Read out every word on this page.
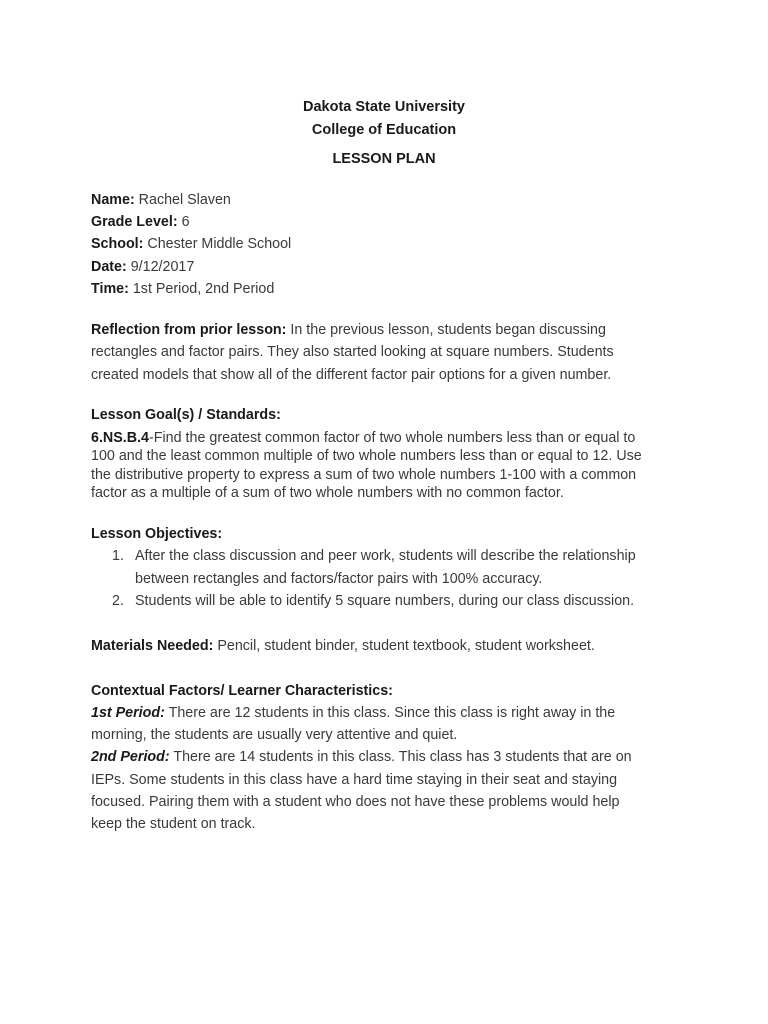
Dakota State University
College of Education
LESSON PLAN
Name: Rachel Slaven
Grade Level: 6
School: Chester Middle School
Date: 9/12/2017
Time: 1st Period, 2nd Period
Reflection from prior lesson: In the previous lesson, students began discussing
rectangles and factor pairs. They also started looking at square numbers. Students
created models that show all of the different factor pair options for a given number.
Lesson Goal(s) / Standards:
6.NS.B.4-Find the greatest common factor of two whole numbers less than or equal to
100 and the least common multiple of two whole numbers less than or equal to 12. Use
the distributive property to express a sum of two whole numbers 1-100 with a common
factor as a multiple of a sum of two whole numbers with no common factor.
Lesson Objectives:
1. After the class discussion and peer work, students will describe the relationship
between rectangles and factors/factor pairs with 100% accuracy.
2. Students will be able to identify 5 square numbers, during our class discussion.
Materials Needed: Pencil, student binder, student textbook, student worksheet.
Contextual Factors/ Learner Characteristics:
1st Period: There are 12 students in this class. Since this class is right away in the
morning, the students are usually very attentive and quiet.
2nd Period: There are 14 students in this class. This class has 3 students that are on
IEPs. Some students in this class have a hard time staying in their seat and staying
focused. Pairing them with a student who does not have these problems would help
keep the student on track.
